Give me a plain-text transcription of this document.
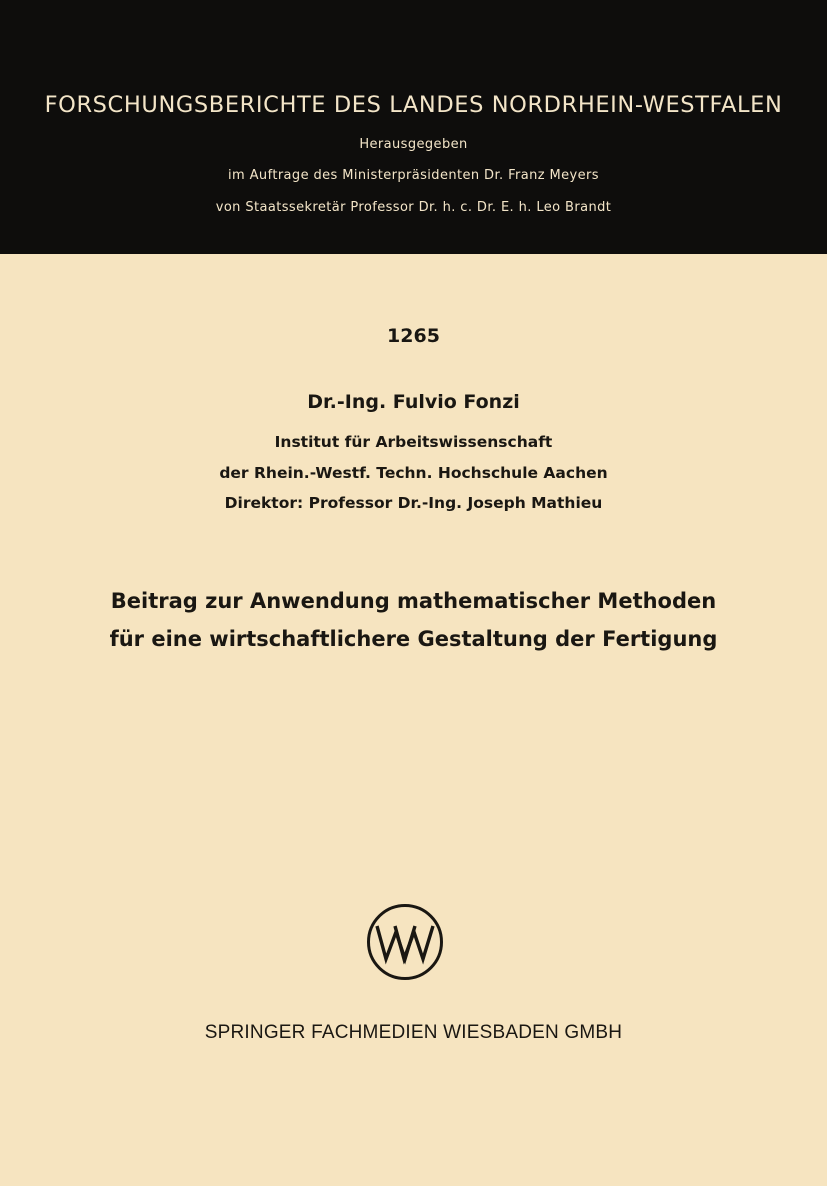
FORSCHUNGSBERICHTE DES LANDES NORDRHEIN-WESTFALEN
Herausgegeben
im Auftrage des Ministerpräsidenten Dr. Franz Meyers
von Staatssekretär Professor Dr. h. c. Dr. E. h. Leo Brandt
1265
Dr.-Ing. Fulvio Fonzi
Institut für Arbeitswissenschaft
der Rhein.-Westf. Techn. Hochschule Aachen
Direktor: Professor Dr.-Ing. Joseph Mathieu
Beitrag zur Anwendung mathematischer Methoden
für eine wirtschaftlichere Gestaltung der Fertigung
SPRINGER FACHMEDIEN WIESBADEN GMBH
